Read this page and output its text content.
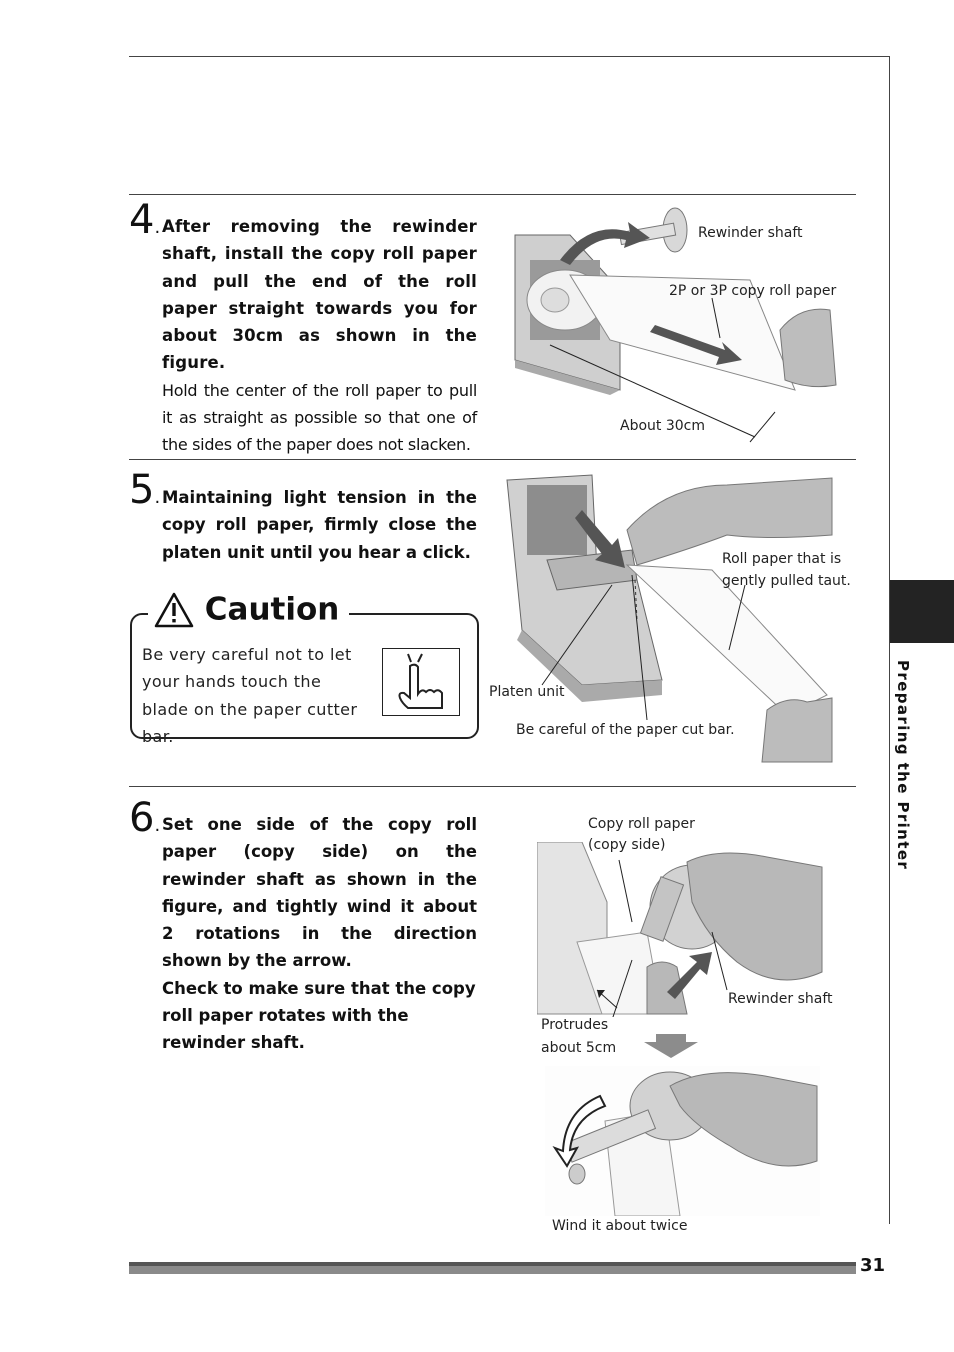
Preparing the Printer
4. After removing the rewinder shaft, install the copy roll paper and pull the end of the roll paper straight towards you for about 30cm as shown in the figure.
Hold the center of the roll paper to pull it as straight as possible so that one of the sides of the paper does not slacken.
Rewinder shaft
2P or 3P copy roll paper
About 30cm
5. Maintaining light tension in the copy roll paper, firmly close the platen unit until you hear a click.
Caution
Be very careful not to let your hands touch the blade on the paper cutter bar.
Roll paper that is
gently pulled taut.
Platen unit
Be careful of the paper cut bar.
6. Set one side of the copy roll paper (copy side) on the rewinder shaft as shown in the figure, and tightly wind it about 2 rotations in the direction shown by the arrow.
Check to make sure that the copy roll paper rotates with the rewinder shaft.
Copy roll paper
(copy side)
Rewinder shaft
Protrudes
about 5cm
Wind it about twice
31
